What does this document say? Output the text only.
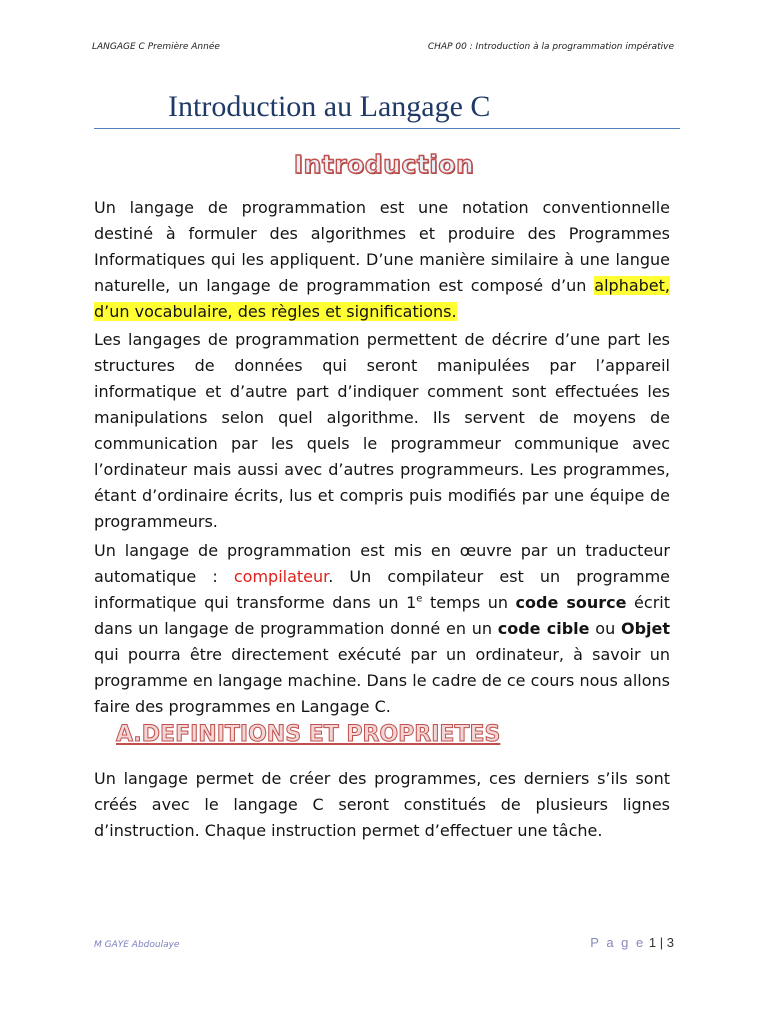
LANGAGE C Première Année	CHAP 00 : Introduction à la programmation impérative
Introduction au Langage C
Introduction

Un langage de programmation est une notation conventionnelle destiné à formuler des algorithmes et produire des Programmes Informatiques qui les appliquent. D’une manière similaire à une langue naturelle, un langage de programmation est composé d’un alphabet, d’un vocabulaire, des règles et significations.

Les langages de programmation permettent de décrire d’une part les structures de données qui seront manipulées par l’appareil informatique et d’autre part d’indiquer comment sont effectuées les manipulations selon quel algorithme. Ils servent de moyens de communication par les quels le programmeur communique avec l’ordinateur mais aussi avec d’autres programmeurs. Les programmes, étant d’ordinaire écrits, lus et compris puis modifiés par une équipe de programmeurs.

Un langage de programmation est mis en œuvre par un traducteur automatique : compilateur. Un compilateur est un programme informatique qui transforme dans un 1e temps un code source écrit dans un langage de programmation donné en un code cible ou Objet qui pourra être directement exécuté par un ordinateur, à savoir un programme en langage machine. Dans le cadre de ce cours nous allons faire des programmes en Langage C.

A.DEFINITIONS ET PROPRIETES

Un langage permet de créer des programmes, ces derniers s’ils sont créés avec le langage C seront constitués de plusieurs lignes d’instruction. Chaque instruction permet d’effectuer une tâche.

M GAYE Abdoulaye	P a g e 1 | 3
